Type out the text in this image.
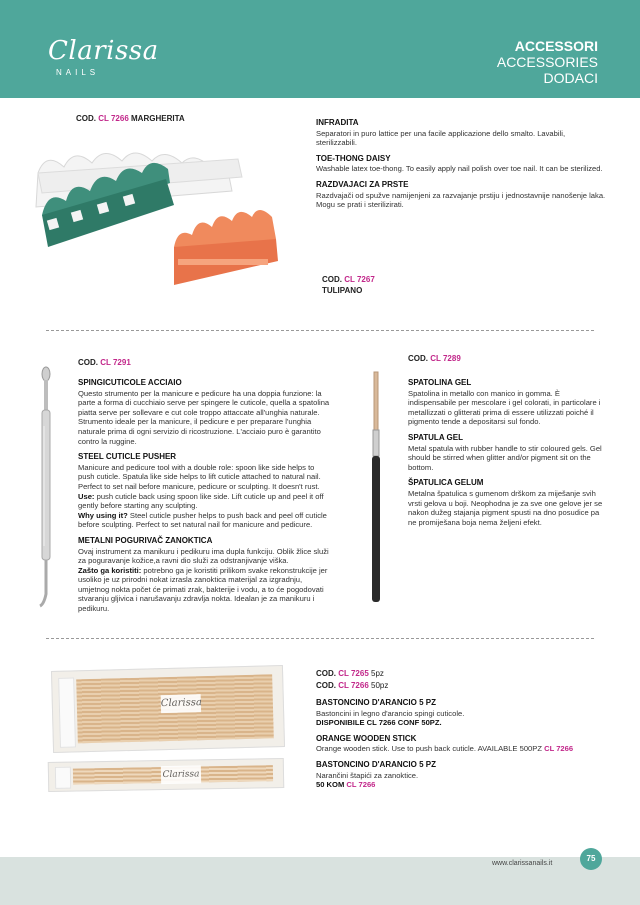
Clarissa
NAILS
ACCESSORI
ACCESSORIES
DODACI
COD. CL 7266 MARGHERITA	INFRADITA

Separatori in puro lattice per una facile applicazione dello smalto. Lavabili, sterilizzabili.

TOE-THONG DAISY

Washable latex toe-thong. To easily apply nail polish over toe nail. It can be sterilized.

RAZDVAJACI ZA PRSTE

Razdvajači od spužve namijenjeni za razvajanje prstiju i jednostavnije nanošenje laka. Mogu se prati i sterilizirati.

COD. CL 7267
TULIPANO
COD. CL 7291	COD. CL 7289
SPINGICUTICOLE ACCIAIO

Questo strumento per la manicure e pedicure ha una doppia funzione: la parte a forma di cucchiaio serve per spingere le cuticole, quella a spatolina piatta serve per sollevare e cut cole troppo attaccate all'unghia naturale. Strumento ideale per la manicure, il pedicure e per preparare l'unghia naturale prima di ogni servizio di ricostruzione. L'acciaio puro è garantito contro la ruggine.

STEEL CUTICLE PUSHER

Manicure and pedicure tool with a double role: spoon like side helps to push cuticle. Spatula like side helps to lift cuticle attached to natural nail. Perfect to set nail before manicure, pedicure or sculpting. It doesn't rust.

Use: push cuticle back using spoon like side. Lift cuticle up and peel it off gently before starting any sculpting.

Why using it? Steel cuticle pusher helps to push back and peel off cuticle before sculpting. Perfect to set natural nail for manicure and pedicure.

METALNI POGURIVAČ ZANOKTICA

Ovaj instrument za manikuru i pedikuru ima dupla funkciju. Oblik žlice služi za poguravanje kožice,a ravni dio služi za odstranjivanje viška.

Zašto ga koristiti: potrebno ga je koristiti prilikom svake rekonstrukcije jer usoliko je uz prirodni nokat izrasla zanoktica materijal za izgradnju, umjetnog nokta počet će primati zrak, bakterije i vodu, a to će pogodovati stvaranju gljivica i narušavanju zdravlja nokta. Idealan je za manikuru i pedikuru.

SPATOLINA GEL

Spatolina in metallo con manico in gomma. È indispensabile per mescolare i gel colorati, in particolare i metallizzati o glitterati prima di essere utilizzati poiché il pigmento tende a depositarsi sul fondo.

SPATULA GEL

Metal spatula with rubber handle to stir coloured gels. Gel should be stirred when glitter and/or pigment sit on the bottom.

ŠPATULICA GELUM

Metalna špatulica s gumenom drškom za miješanje svih vrsti gelova u boji. Neophodna je za sve one gelove jer se nakon dužeg stajanja pigment spusti na dno posudice pa ne promiješana boja nema željeni efekt.

Clarissa
Clarissa
COD. CL 7265 5pz
COD. CL 7266 50pz
BASTONCINO D'ARANCIO 5 PZ

Bastoncini in legno d'arancio spingi cuticole.

DISPONIBILE CL 7266 CONF 50PZ.

ORANGE WOODEN STICK

Orange wooden stick. Use to push back cuticle. AVAILABLE 500PZ CL 7266

BASTONCINO D'ARANCIO 5 PZ

Narančini štapići za zanoktice.

50 KOM CL 7266

www.clarissanails.it
75
